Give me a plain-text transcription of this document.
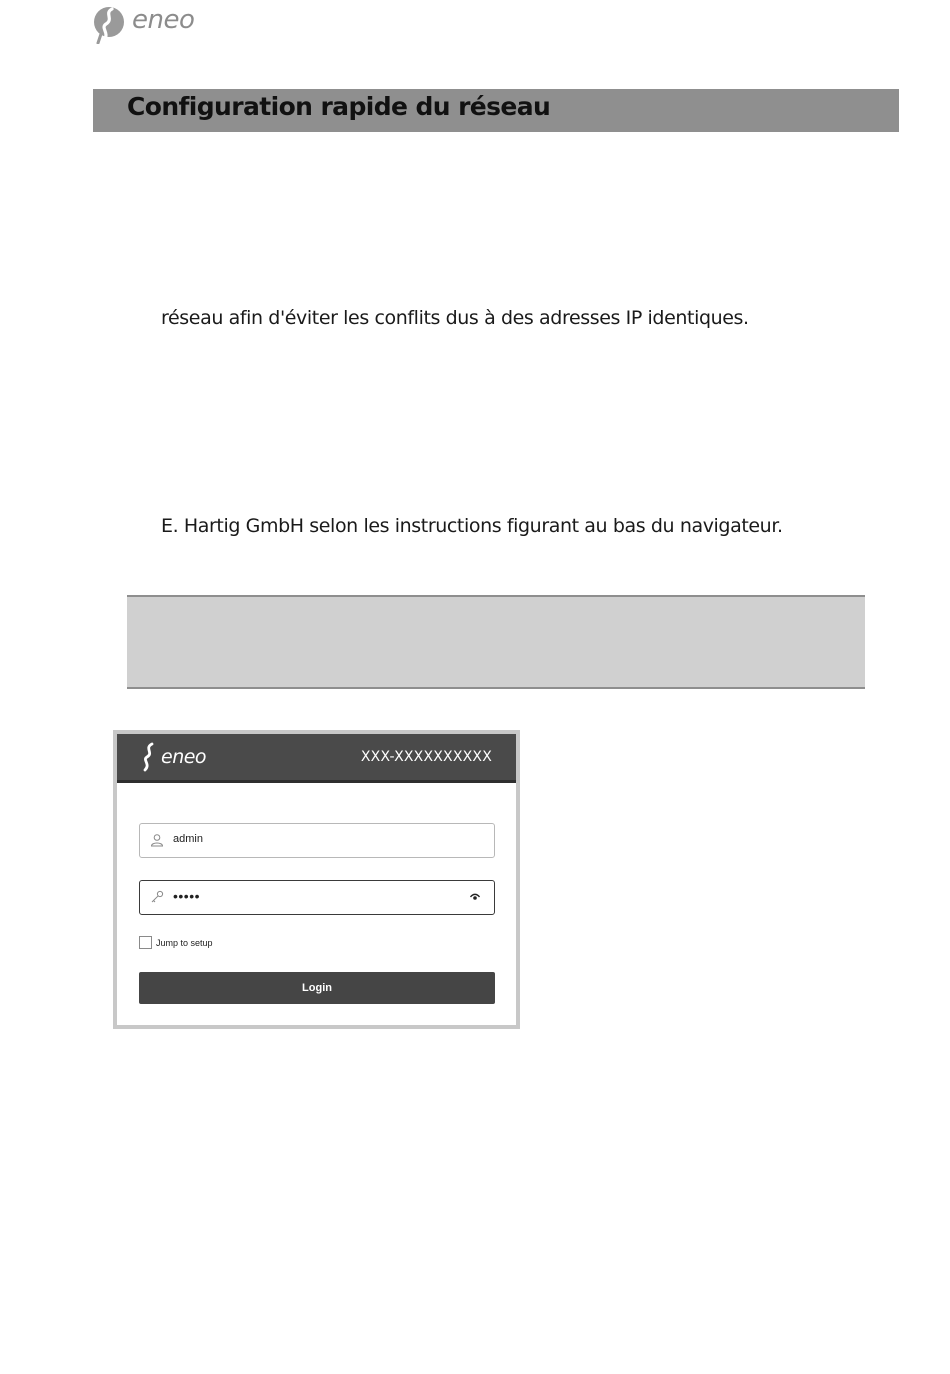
eneo
Configuration rapide du réseau
réseau afin d'éviter les conflits dus à des adresses IP identiques.
E. Hartig GmbH selon les instructions figurant au bas du navigateur.
eneo	XXX-XXXXXXXXXX
admin
•••••
Jump to setup
Login
